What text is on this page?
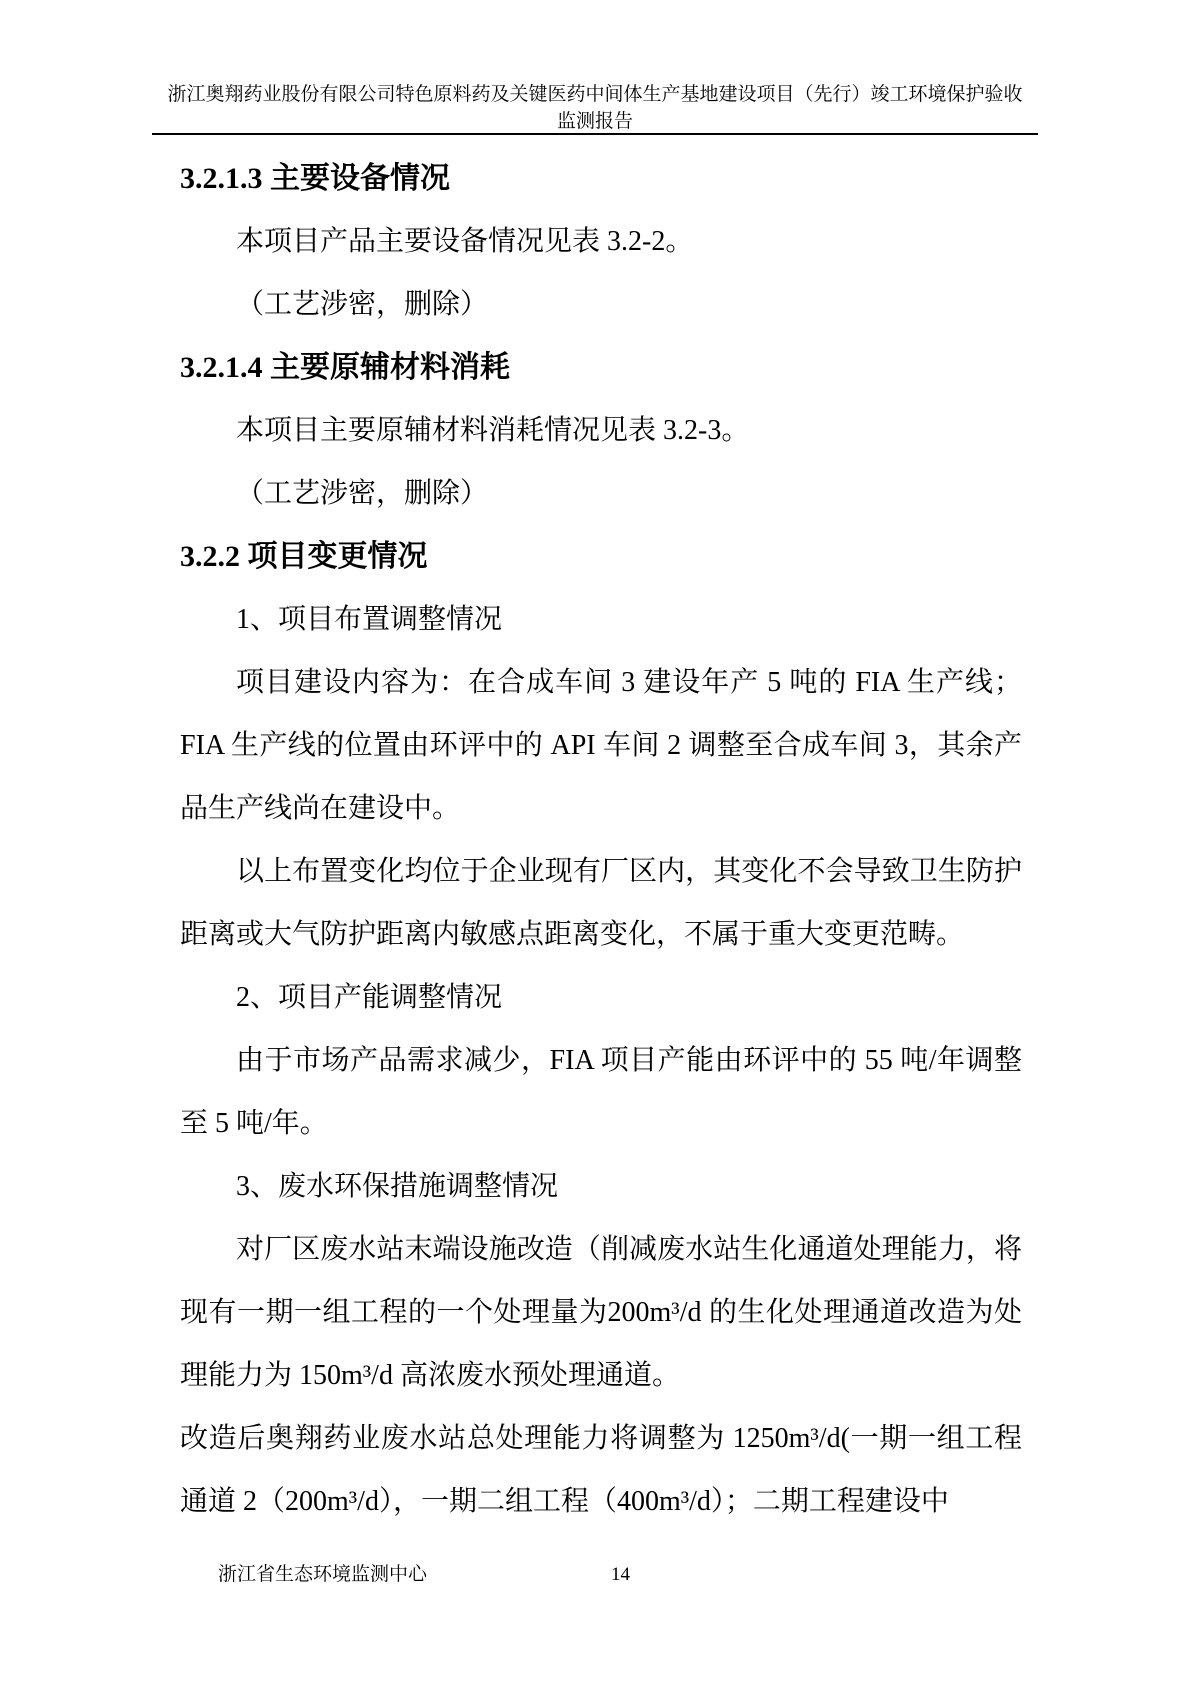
浙江奥翔药业股份有限公司特色原料药及关键医药中间体生产基地建设项目（先行）竣工环境保护验收监测报告
3.2.1.3 主要设备情况
本项目产品主要设备情况见表 3.2-2。
（工艺涉密，删除）
3.2.1.4 主要原辅材料消耗
本项目主要原辅材料消耗情况见表 3.2-3。
（工艺涉密，删除）
3.2.2 项目变更情况
1、项目布置调整情况
项目建设内容为：在合成车间 3 建设年产 5 吨的 FIA 生产线；FIA 生产线的位置由环评中的 API 车间 2 调整至合成车间 3，其余产品生产线尚在建设中。
以上布置变化均位于企业现有厂区内，其变化不会导致卫生防护距离或大气防护距离内敏感点距离变化，不属于重大变更范畴。
2、项目产能调整情况
由于市场产品需求减少，FIA 项目产能由环评中的 55 吨/年调整至 5 吨/年。
3、废水环保措施调整情况
对厂区废水站末端设施改造（削减废水站生化通道处理能力，将现有一期一组工程的一个处理量为200m³/d 的生化处理通道改造为处理能力为 150m³/d 高浓废水预处理通道。
改造后奥翔药业废水站总处理能力将调整为 1250m³/d(一期一组工程通道 2（200m³/d），一期二组工程（400m³/d）；二期工程建设中
浙江省生态环境监测中心	14
